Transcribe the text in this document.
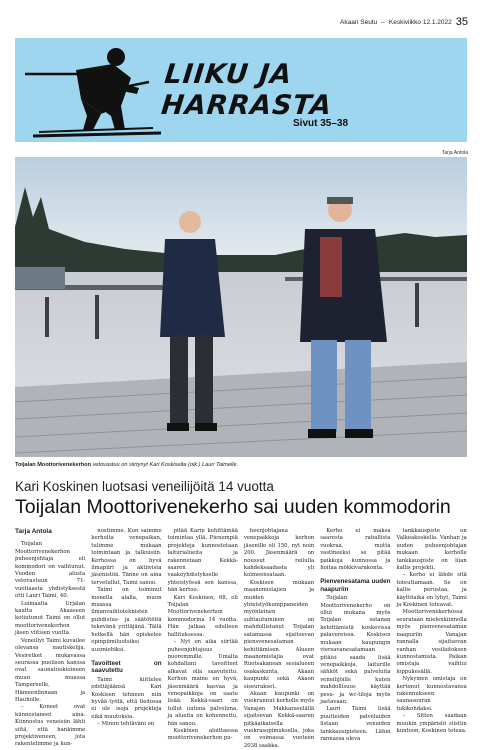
Akaan Seutu – Keskiviikko 12.1.2022 35
LIIKU JA HARRASTA
Sivut 35–38
Tarja Antola
Toijalan Moottorivenekerhon vetovastuu on siirtynyt Kari Koskiselta (oik.) Lauri Taimelle.
Kari Koskinen luotsasi veneilijöitä 14 vuotta
Toijalan Moottorivenekerho sai uuden kommodorin

Tarja Antola

Toijalan Moottorivenekerhon puheenjohtaja eli kommodori on vaihtunut. Vuoden alusta vetovastuun 71-vuotiaasta yhdistyksestä otti Lauri Taimi, 40.

Loimaalta Urjalan kautta Akaaseen kotiutunut Taimi on ollut moottorivenekerhon jäsen viitisen vuotta.

Veneillyt Taimi kuvailee olevansa nautiskelija. Vesiretket mukavassa seurassa puolison kanssa ovat saunatuokioineen muun muassa Tampereelle, Hämeenlinnaan ja Hauholle.

– Koneet ovat kiinnostaneet aina. Kiinnostus veneisiin lähti siitä, että hankimme projektiveneen, jota rakentelimme ja kun-

nostimme. Kun saimme kerholta venepaikan, tulimme mukaan toimintaan ja talkoisiin. Kerhossa on hyvä ilmapiiri ja aktiivista jäsenistöä. Tänne on aina tervetullut, Taimi sanoo.

Taimi on toiminut monella alalla, muun muassa ilmanvaihtoteknisten puhdistus- ja säätötöitä tekevänä yrittäjänä. Tällä hetkellä hän opiskelee opinpiimiluotsiksi uusmiehiksi.

Tavoitteet on saavutettu

Taimi kiittelee edeltäjäänsä Kari Koskisen tehneen niin hyvää työtä, että tiedossa ei ole isoja projekteja eikä muutoksia.

– Minun tehtäväni on

pitää Karin kehittämää toimintaa yllä. Pienempiä projekteja kunnostetaan laiturialueita ja rakennetaan Kekkä-saaren vaakeyhdistykselle yhteistyössä sen kanssa, hän kertoo.

Kari Koskinen, 68, oli Toijalan Moottorivenekerhon kommodorina 14 vuotta. Hän jatkaa edelleen hallituksessa.

– Nyt on aika siirtää puheenjohtajuus nuoremmille. Umalta kohdaltani tavoitteet alkavat olla saavutettu. Kerhon maine on hyvä, jäsenmäärä kasvaa ja venepaikkoja on saatu lisää. Kekkä-saari on tullut uutena palveluna, ja alueita on kohennettu, hän sanoo.

Koskinen aloittaessa moottorivenekerhon pu-

heenjohtajana venepaikkoja kerhon jäsenille oli 150, nyt noin 200. Jäsenmäärä on noussut reilulla kahdeksaadasta yli kolmeensataan.

Koskisen mukaan maanomistajien ja muiden yhteistyökumppaneiden myönteinen suhtautuminen on mahdollistanut Toijalan satamassa sijaitsevan piensvenesataman kehittämisen. Alueen maanomistajia ovat Ruotsakansan sesialueen osakaskunta, Akaan kaupunki sekä Akaon siseurakset.

Akaan kaupunki on vuokrannut kerholle myös Vanajan Makkaraselällä sijaitsevan Kekkä-saaren pitkäaikaisella vuokrasopimuksella, joka on voimassa vuoteen 2038 saakka.

Kerho ei maksa saaresta rahallista vuokraa, mutta vastineeksi se pitää paikkoja kunnossa ja hoitaa mökkivarakonta.

Pienvenesatama uuden naapuriin

Toijalan Moottorivenekerho on ollut mukana myös Toijalan satanan kehittämistä koskevissa palavereissa. Koskisen mukaan kaupungin viersavanesatamaan pitäisi saada lisää venepaikkoja, laiturille sähköt sekä palveluita veneilijöille kuten mahdollisuus käyttää pesu- ja wc-tiloja myös jaetavaan.

Lauri Taimi lisää puutteiden palveluiden listaan veneiden tankkausipisteen. Lähin rannassa oleva

tankkauspiste on Valkeakoskella. Vanhan ja uuden puheenjohtajan mukaan kerholle tankkauspiste on liian kallis projekti.

– Kerho ei lähde sitä toteuttamaan. Se on kallis perustaa, ja käyttöaika on lyhyt, Taimi ja Koskinen toteavat.

Moottorivenekerhossa seurataan mielenkiinnolla myös pienvenesataman naapuriin Vanajan rannalla sijaitsevan vanhan vesilaitoksen kunnostamista. Paikan omistaja vaihtui loppukesällä.

Nykyinen omistaja on kertonut kunnostavansa rakennukseen saunaseuran tukikohdaksi.

– Sitten saadaan muukin ympäristö siistiin kuntoon, Koskinen toteaa.
